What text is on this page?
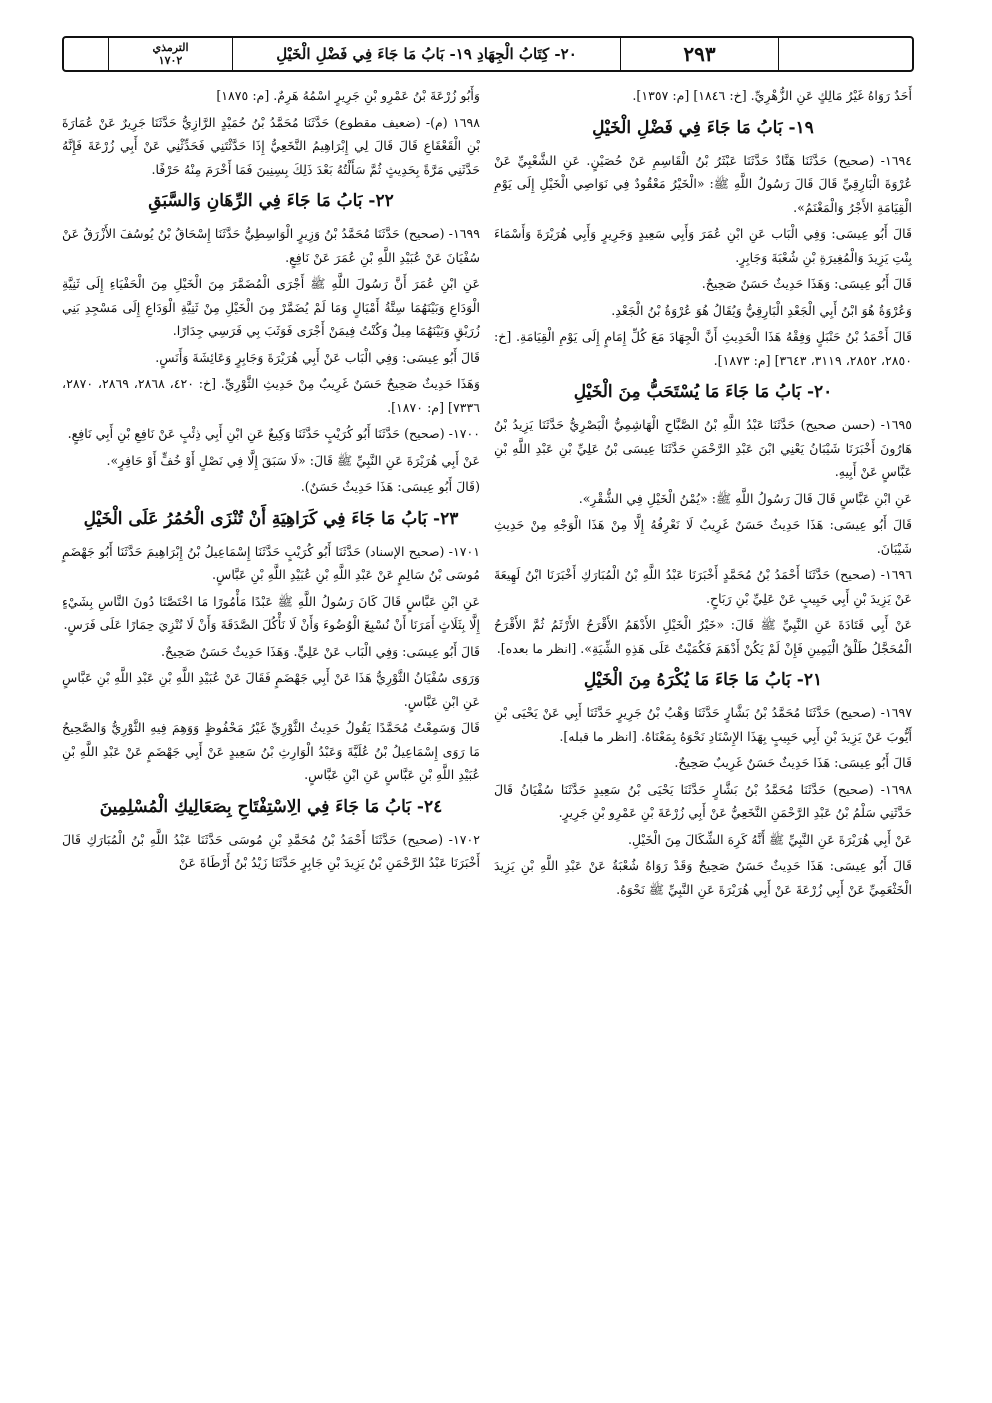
الترمذي
١٧٠٢	٢٠- كِتَابُ الْجِهَادِ ١٩- بَابُ مَا جَاءَ فِي فَضْلِ الْخَيْلِ	٢٩٣
أَحَدٌ رَوَاهُ غَيْرُ مَالِكٍ عَنِ الزُّهْرِيِّ. [خ: ١٨٤٦] [م: ١٣٥٧].
١٩- بَابُ مَا جَاءَ فِي فَضْلِ الْخَيْلِ
١٦٩٤- (صحيح) حَدَّثَنَا هَنَّادٌ حَدَّثَنَا عَبْثَرُ بْنُ الْقَاسِمِ عَنْ حُصَيْنٍ. عَنِ الشَّعْبِيِّ عَنْ عُرْوَةَ الْبَارِقِيِّ قَالَ قَالَ رَسُولُ اللَّهِ ﷺ: «الْخَيْرُ مَعْقُودٌ فِي نَوَاصِي الْخَيْلِ إِلَى يَوْمِ الْقِيَامَةِ الأَجْرُ وَالْمَغْنَمُ».
قَالَ أَبُو عِيسَى: وَفِي الْبَاب عَنِ ابْنِ عُمَرَ وَأَبِي سَعِيدٍ وَجَرِيرٍ وَأَبِي هُرَيْرَةَ وَأَسْمَاءَ بِنْتِ يَزِيدَ وَالْمُغِيرَةِ بْنِ شُعْبَةَ وَجَابِرٍ.
قَالَ أَبُو عِيسَى: وَهَذَا حَدِيثٌ حَسَنٌ صَحِيحٌ.
وَعُرْوَةُ هُوَ ابْنُ أَبِي الْجَعْدِ الْبَارِقِيُّ وَيُقَالُ هُوَ عُرْوَةُ بْنُ الْجَعْدِ.
قَالَ أَحْمَدُ بْنُ حَنْبَلٍ وَفِقْهُ هَذَا الْحَدِيثِ أَنَّ الْجِهَادَ مَعَ كُلِّ إِمَامٍ إِلَى يَوْمِ الْقِيَامَةِ. [خ: ٢٨٥٠، ٢٨٥٢، ٣١١٩، ٣٦٤٣] [م: ١٨٧٣].
٢٠- بَابُ مَا جَاءَ مَا يُسْتَحَبُّ مِنَ الْخَيْلِ
١٦٩٥- (حسن صحيح) حَدَّثَنَا عَبْدُ اللَّهِ بْنُ الصَّبَّاحِ الْهَاشِمِيُّ الْبَصْرِيُّ حَدَّثَنَا يَزِيدُ بْنُ هَارُونَ أَخْبَرَنَا شَيْبَانُ يَعْنِي ابْنَ عَبْدِ الرَّحْمَنِ حَدَّثَنَا عِيسَى بْنُ عَلِيِّ بْنِ عَبْدِ اللَّهِ بْنِ عَبَّاسٍ عَنْ أَبِيهِ.
عَنِ ابْنِ عَبَّاسٍ قَالَ قَالَ رَسُولُ اللَّهِ ﷺ: «يُمْنُ الْخَيْلِ فِي الشُّقْرِ».
قَالَ أَبُو عِيسَى: هَذَا حَدِيثٌ حَسَنٌ غَرِيبٌ لَا نَعْرِفُهُ إِلَّا مِنْ هَذَا الْوَجْهِ مِنْ حَدِيثِ شَيْبَانَ.
١٦٩٦- (صحيح) حَدَّثَنَا أَحْمَدُ بْنُ مُحَمَّدٍ أَخْبَرَنَا عَبْدُ اللَّهِ بْنُ الْمُبَارَكِ أَخْبَرَنَا ابْنُ لَهِيعَةَ عَنْ يَزِيدَ بْنِ أَبِي حَبِيبٍ عَنْ عَلِيِّ بْنِ رَبَاحٍ.
عَنْ أَبِي قَتَادَةَ عَنِ النَّبِيِّ ﷺ قَالَ: «خَيْرُ الْخَيْلِ الأَدْهَمُ الأَقْرَحُ الأَرْثَمُ ثُمَّ الأَقْرَحُ الْمُحَجَّلُ طَلْقُ الْيَمِينِ فَإِنْ لَمْ يَكُنْ أَدْهَمَ فَكُمَيْتٌ عَلَى هَذِهِ الشِّيَةِ». [انظر ما بعده].
٢١- بَابُ مَا جَاءَ مَا يُكْرَهُ مِنَ الْخَيْلِ
١٦٩٧- (صحيح) حَدَّثَنَا مُحَمَّدُ بْنُ بَشَّارٍ حَدَّثَنَا وَهْبُ بْنُ جَرِيرٍ حَدَّثَنَا أَبِي عَنْ يَحْيَى بْنِ أَيُّوبَ عَنْ يَزِيدَ بْنِ أَبِي حَبِيبٍ بِهَذَا الإِسْنَادِ نَحْوَهُ بِمَعْنَاهُ. [انظر ما قبله].
قَالَ أَبُو عِيسَى: هَذَا حَدِيثٌ حَسَنٌ غَرِيبٌ صَحِيحٌ.
١٦٩٨- (صحيح) حَدَّثَنَا مُحَمَّدُ بْنُ بَشَّارٍ حَدَّثَنَا يَحْيَى بْنُ سَعِيدٍ حَدَّثَنَا سُفْيَانُ قَالَ حَدَّثَنِي سَلْمُ بْنُ عَبْدِ الرَّحْمَنِ النَّخَعِيُّ عَنْ أَبِي زُرْعَةَ بْنِ عَمْرِو بْنِ جَرِيرٍ.
عَنْ أَبِي هُرَيْرَةَ عَنِ النَّبِيِّ ﷺ أَنَّهُ كَرِهَ الشِّكَالَ مِنَ الْخَيْلِ.
قَالَ أَبُو عِيسَى: هَذَا حَدِيثٌ حَسَنٌ صَحِيحٌ وَقَدْ رَوَاهُ شُعْبَةُ عَنْ عَبْدِ اللَّهِ بْنِ يَزِيدَ الْخَثْعَمِيِّ عَنْ أَبِي زُرْعَةَ عَنْ أَبِي هُرَيْرَةَ عَنِ النَّبِيِّ ﷺ نَحْوَهُ.
وَأَبُو زُرْعَةَ بْنُ عَمْرِو بْنِ جَرِيرٍ اسْمُهُ هَرِمٌ. [م: ١٨٧٥]
١٦٩٨ (م)- (ضعيف مقطوع) حَدَّثَنَا مُحَمَّدُ بْنُ حُمَيْدٍ الرَّازِيُّ حَدَّثَنَا جَرِيرٌ عَنْ عُمَارَةَ بْنِ الْقَعْقَاعِ قَالَ قَالَ لِي إِبْرَاهِيمُ النَّخَعِيُّ إِذَا حَدَّثْتَنِي فَحَدِّثْنِي عَنْ أَبِي زُرْعَةَ فَإِنَّهُ حَدَّثَنِي مَرَّةً بِحَدِيثٍ ثُمَّ سَأَلْتُهُ بَعْدَ ذَلِكَ بِسِنِينَ فَمَا أَخْرَمَ مِنْهُ حَرْفًا.
٢٢- بَابُ مَا جَاءَ فِي الرِّهَانِ وَالسَّبَقِ
١٦٩٩- (صحيح) حَدَّثَنَا مُحَمَّدُ بْنُ وَزِيرٍ الْوَاسِطِيُّ حَدَّثَنَا إِسْحَاقُ بْنُ يُوسُفَ الأَزْرَقُ عَنْ سُفْيَانَ عَنْ عُبَيْدِ اللَّهِ بْنِ عُمَرَ عَنْ نَافِعٍ.
عَنِ ابْنِ عُمَرَ أَنَّ رَسُولَ اللَّهِ ﷺ أَجْرَى الْمُضَمَّرَ مِنَ الْخَيْلِ مِنَ الْحَفْيَاءِ إِلَى ثَنِيَّةِ الْوَدَاعِ وَبَيْنَهُمَا سِتَّةُ أَمْيَالٍ وَمَا لَمْ يُضَمَّرْ مِنَ الْخَيْلِ مِنْ ثَنِيَّةِ الْوَدَاعِ إِلَى مَسْجِدِ بَنِي زُرَيْقٍ وَبَيْنَهُمَا مِيلٌ وَكُنْتُ فِيمَنْ أَجْرَى فَوَثَبَ بِي فَرَسِي جِدَارًا.
قَالَ أَبُو عِيسَى: وَفِي الْبَاب عَنْ أَبِي هُرَيْرَةَ وَجَابِرٍ وَعَائِشَةَ وَأَنَسٍ.
وَهَذَا حَدِيثٌ صَحِيحٌ حَسَنٌ غَرِيبٌ مِنْ حَدِيثِ الثَّوْرِيِّ. [خ: ٤٢٠، ٢٨٦٨، ٢٨٦٩، ٢٨٧٠، ٧٣٣٦] [م: ١٨٧٠].
١٧٠٠- (صحيح) حَدَّثَنَا أَبُو كُرَيْبٍ حَدَّثَنَا وَكِيعٌ عَنِ ابْنِ أَبِي ذِئْبٍ عَنْ نَافِعِ بْنِ أَبِي نَافِعٍ.
عَنْ أَبِي هُرَيْرَةَ عَنِ النَّبِيِّ ﷺ قَالَ: «لَا سَبَقَ إِلَّا فِي نَصْلٍ أَوْ خُفٍّ أَوْ حَافِرٍ».
(قَالَ أَبُو عِيسَى: هَذَا حَدِيثٌ حَسَنٌ).
٢٣- بَابُ مَا جَاءَ فِي كَرَاهِيَةِ أَنْ تُنْزَى الْحُمُرُ عَلَى الْخَيْلِ
١٧٠١- (صحيح الإسناد) حَدَّثَنَا أَبُو كُرَيْبٍ حَدَّثَنَا إِسْمَاعِيلُ بْنُ إِبْرَاهِيمَ حَدَّثَنَا أَبُو جَهْضَمٍ مُوسَى بْنُ سَالِمٍ عَنْ عَبْدِ اللَّهِ بْنِ عُبَيْدِ اللَّهِ بْنِ عَبَّاسٍ.
عَنِ ابْنِ عَبَّاسٍ قَالَ كَانَ رَسُولُ اللَّهِ ﷺ عَبْدًا مَأْمُورًا مَا اخْتَصَّنَا دُونَ النَّاسِ بِشَيْءٍ إِلَّا بِثَلَاثٍ أَمَرَنَا أَنْ نُسْبِغَ الْوُضُوءَ وَأَنْ لَا نَأْكُلَ الصَّدَقَةَ وَأَنْ لَا نُنْزِيَ حِمَارًا عَلَى فَرَسٍ.
قَالَ أَبُو عِيسَى: وَفِي الْبَاب عَنْ عَلِيٍّ. وَهَذَا حَدِيثٌ حَسَنٌ صَحِيحٌ.
وَرَوَى سُفْيَانُ الثَّوْرِيُّ هَذَا عَنْ أَبِي جَهْضَمٍ فَقَالَ عَنْ عُبَيْدِ اللَّهِ بْنِ عَبْدِ اللَّهِ بْنِ عَبَّاسٍ عَنِ ابْنِ عَبَّاسٍ.
قَالَ وَسَمِعْتُ مُحَمَّدًا يَقُولُ حَدِيثُ الثَّوْرِيِّ غَيْرُ مَحْفُوظٍ وَوَهِمَ فِيهِ الثَّوْرِيُّ وَالصَّحِيحُ مَا رَوَى إِسْمَاعِيلُ بْنُ عُلَيَّةَ وَعَبْدُ الْوَارِثِ بْنُ سَعِيدٍ عَنْ أَبِي جَهْضَمٍ عَنْ عَبْدِ اللَّهِ بْنِ عُبَيْدِ اللَّهِ بْنِ عَبَّاسٍ عَنِ ابْنِ عَبَّاسٍ.
٢٤- بَابُ مَا جَاءَ فِي الِاسْتِفْتَاحِ بِصَعَالِيكِ الْمُسْلِمِينَ
١٧٠٢- (صحيح) حَدَّثَنَا أَحْمَدُ بْنُ مُحَمَّدِ بْنِ مُوسَى حَدَّثَنَا عَبْدُ اللَّهِ بْنُ الْمُبَارَكِ قَالَ أَخْبَرَنَا عَبْدُ الرَّحْمَنِ بْنُ يَزِيدَ بْنِ جَابِرٍ حَدَّثَنَا زَيْدُ بْنُ أَرْطَاةَ عَنْ
